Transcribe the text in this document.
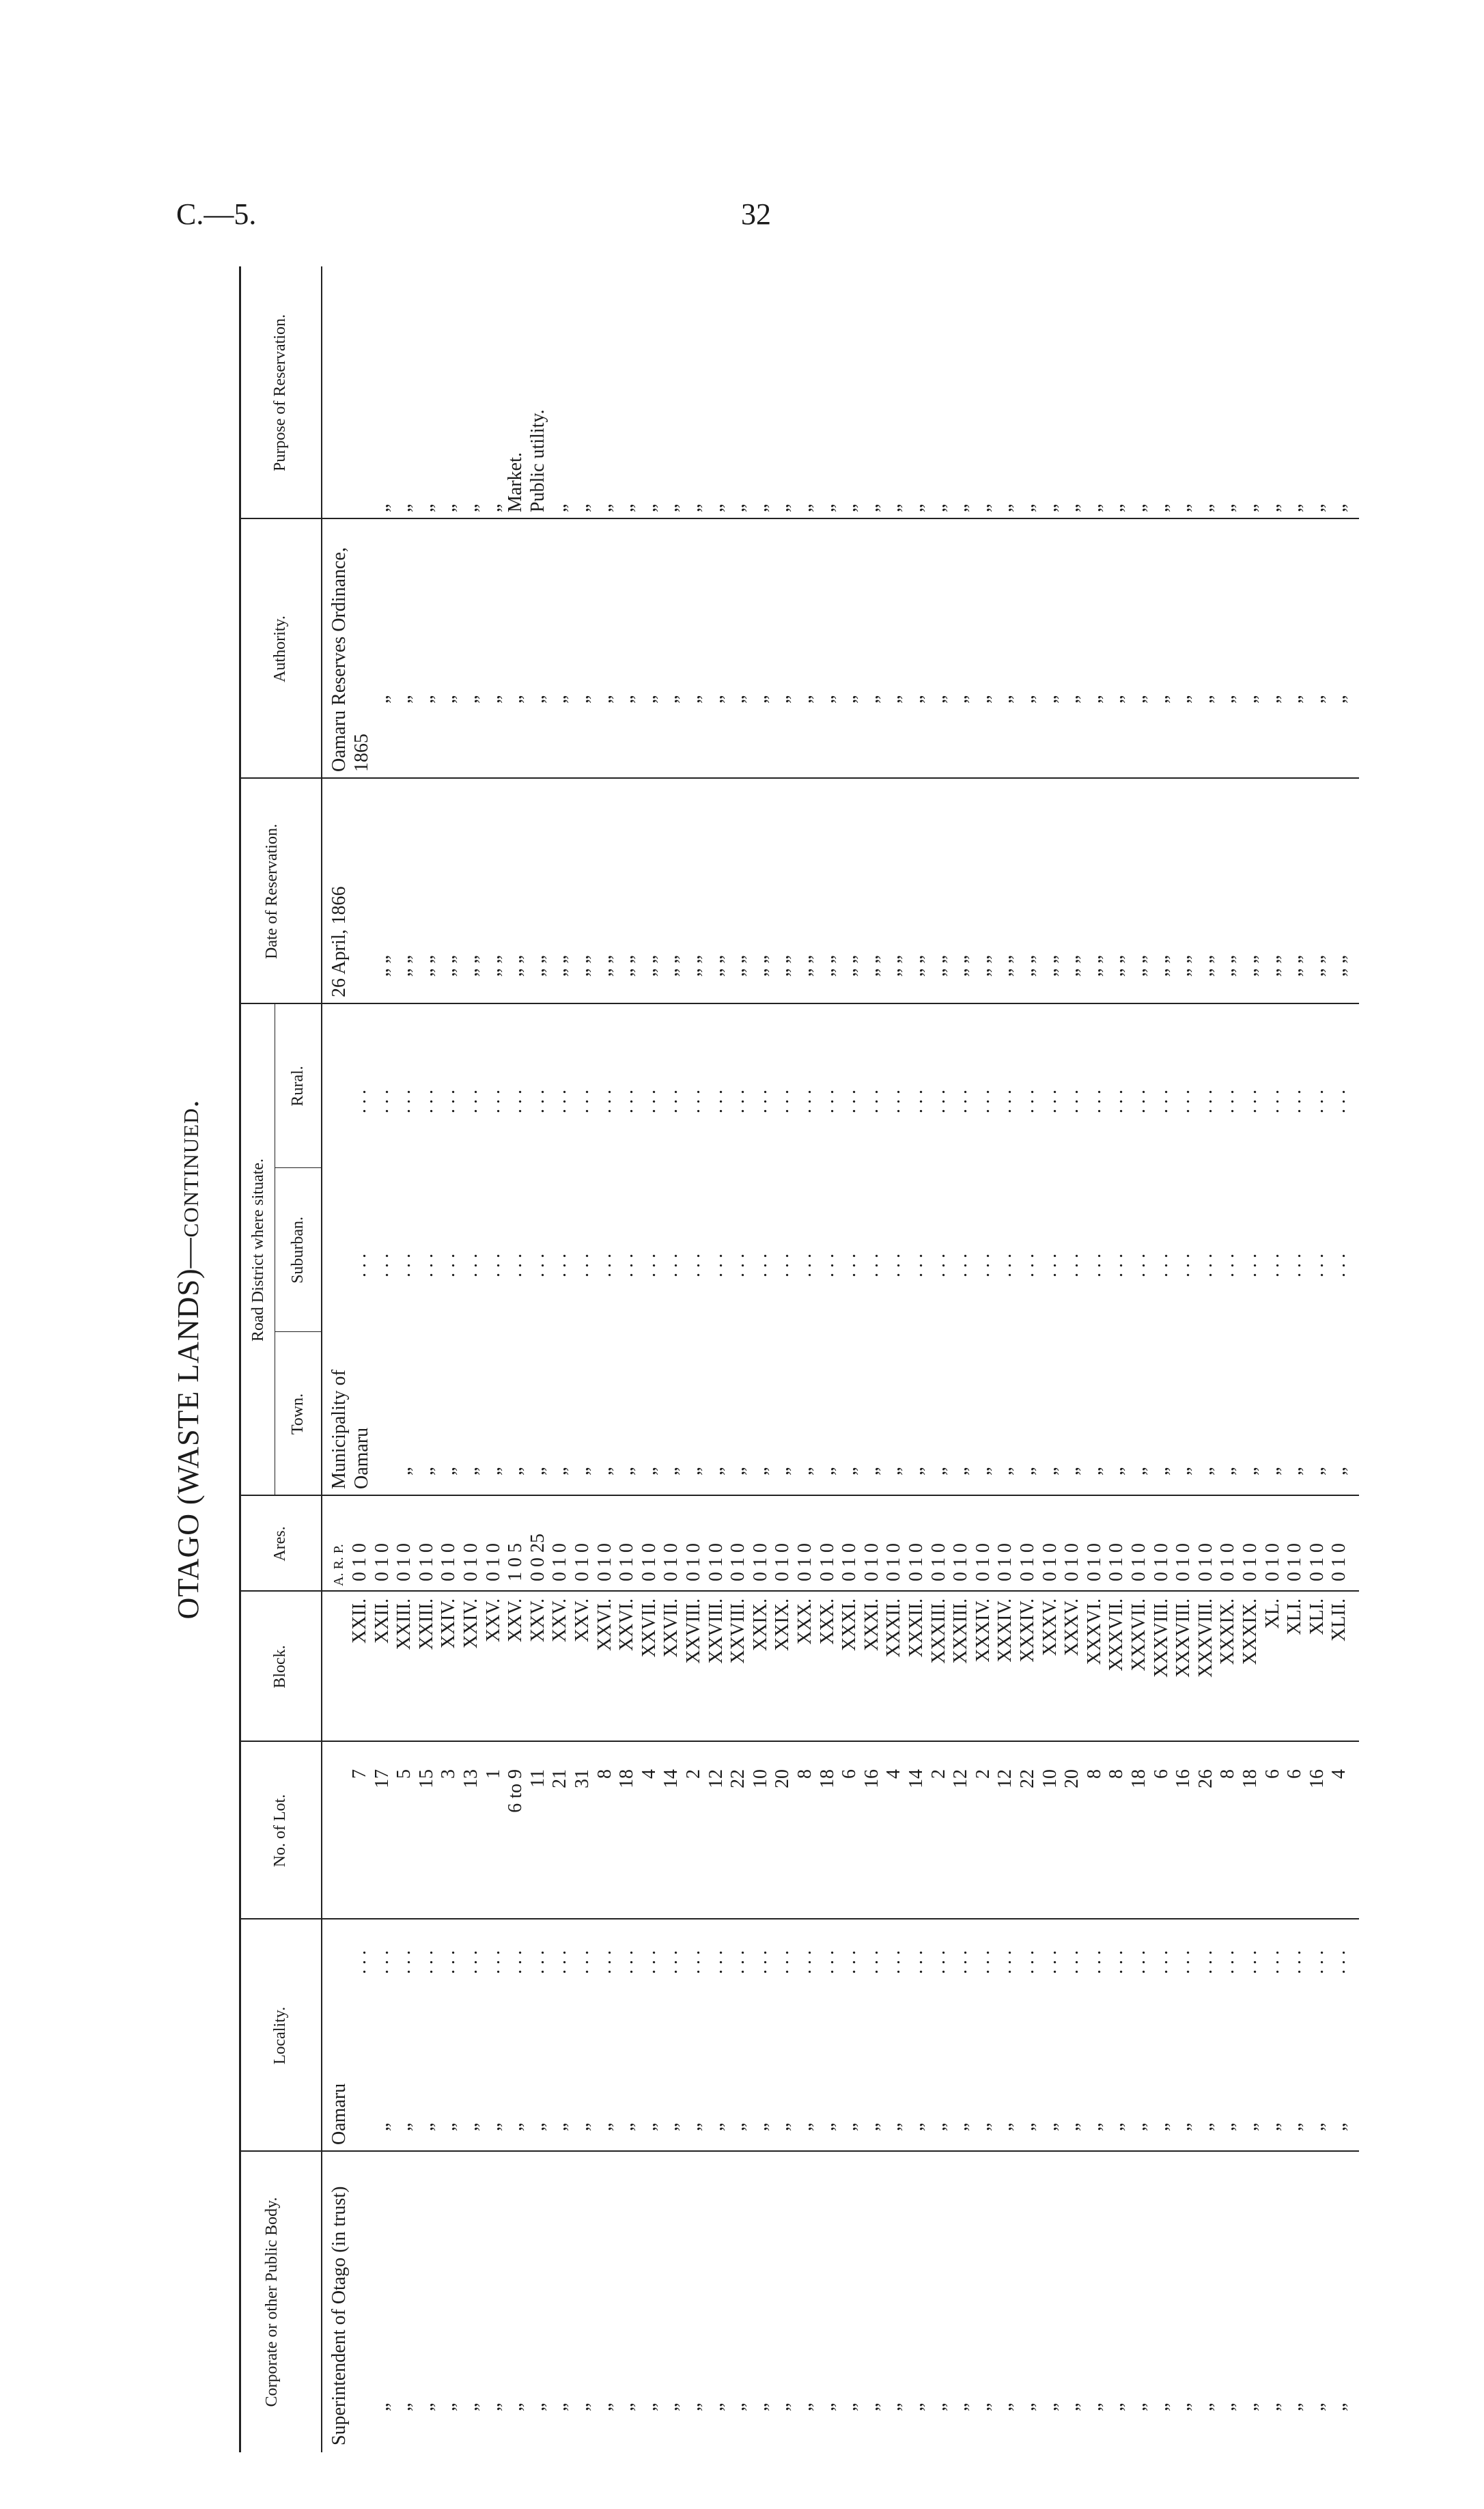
C.—5.	32
OTAGO (WASTE LANDS)—continued.
Corporate or other Public Body.
Locality.
No. of Lot.
Block.
Ares.
Road District where situate.
Town.
Suburban.
Rural.
Date of Reservation.
Authority.
Purpose of Reservation.
Superintendent of Otago (in trust)
Oamaru
Municipality of Oamaru
A. R. P.
26 April, 1866
Oamaru Reserves Ordinance, 1865
. . .
7
XXII.
0 1 0
. . .
. . .
„
„
„ „
„
. . .
17
XXII.
0 1 0
. . .
. . .
„
„
„
„
„ „
„
. . .
5
XXIII.
0 1 0
. . .
. . .
„
„
„
„
„ „
„
. . .
15
XXIII.
0 1 0
. . .
. . .
„
„
„
„
„ „
„
. . .
3
XXIV.
0 1 0
. . .
. . .
„
„
„
„
„ „
„
. . .
13
XXIV.
0 1 0
. . .
. . .
„
„
„
„
„ „
„
. . .
1
XXV.
0 1 0
. . .
. . .
„
„
„
„
„ „
„
. . .
6 to 9
XXV.
1 0 5
. . .
. . .
Market.
„
„
„
„ „
„
. . .
11
XXV.
0 0 25
. . .
. . .
Public utility.
„
„
„
„ „
„
. . .
21
XXV.
0 1 0
. . .
. . .
„
„
„
„
„ „
„
. . .
31
XXV.
0 1 0
. . .
. . .
„
„
„
„
„ „
„
. . .
8
XXVI.
0 1 0
. . .
. . .
„
„
„
„
„ „
„
. . .
18
XXVI.
0 1 0
. . .
. . .
„
„
„
„
„ „
„
. . .
4
XXVII.
0 1 0
. . .
. . .
„
„
„
„
„ „
„
. . .
14
XXVII.
0 1 0
. . .
. . .
„
„
„
„
„ „
„
. . .
2
XXVIII.
0 1 0
. . .
. . .
„
„
„
„
„ „
„
. . .
12
XXVIII.
0 1 0
. . .
. . .
„
„
„
„
„ „
„
. . .
22
XXVIII.
0 1 0
. . .
. . .
„
„
„
„
„ „
„
. . .
10
XXIX.
0 1 0
. . .
. . .
„
„
„
„
„ „
„
. . .
20
XXIX.
0 1 0
. . .
. . .
„
„
„
„
„ „
„
. . .
8
XXX.
0 1 0
. . .
. . .
„
„
„
„
„ „
„
. . .
18
XXX.
0 1 0
. . .
. . .
„
„
„
„
„ „
„
. . .
6
XXXI.
0 1 0
. . .
. . .
„
„
„
„
„ „
„
. . .
16
XXXI.
0 1 0
. . .
. . .
„
„
„
„
„ „
„
. . .
4
XXXII.
0 1 0
. . .
. . .
„
„
„
„
„ „
„
. . .
14
XXXII.
0 1 0
. . .
. . .
„
„
„
„
„ „
„
. . .
2
XXXIII.
0 1 0
. . .
. . .
„
„
„
„
„ „
„
. . .
12
XXXIII.
0 1 0
. . .
. . .
„
„
„
„
„ „
„
. . .
2
XXXIV.
0 1 0
. . .
. . .
„
„
„
„
„ „
„
. . .
12
XXXIV.
0 1 0
. . .
. . .
„
„
„
„
„ „
„
. . .
22
XXXIV.
0 1 0
. . .
. . .
„
„
„
„
„ „
„
. . .
10
XXXV.
0 1 0
. . .
. . .
„
„
„
„
„ „
„
. . .
20
XXXV.
0 1 0
. . .
. . .
„
„
„
„
„ „
„
. . .
8
XXXVI.
0 1 0
. . .
. . .
„
„
„
„
„ „
„
. . .
8
XXXVII.
0 1 0
. . .
. . .
„
„
„
„
„ „
„
. . .
18
XXXVII.
0 1 0
. . .
. . .
„
„
„
„
„ „
„
. . .
6
XXXVIII.
0 1 0
. . .
. . .
„
„
„
„
„ „
„
. . .
16
XXXVIII.
0 1 0
. . .
. . .
„
„
„
„
„ „
„
. . .
26
XXXVIII.
0 1 0
. . .
. . .
„
„
„
„
„ „
„
. . .
8
XXXIX.
0 1 0
. . .
. . .
„
„
„
„
„ „
„
. . .
18
XXXIX.
0 1 0
. . .
. . .
„
„
„
„
„ „
„
. . .
6
XL.
0 1 0
. . .
. . .
„
„
„
„
„ „
„
. . .
6
XLI.
0 1 0
. . .
. . .
„
„
„
„
„ „
„
. . .
16
XLI.
0 1 0
. . .
. . .
„
„
„
„
„ „
„
. . .
4
XLII.
0 1 0
. . .
. . .
„
